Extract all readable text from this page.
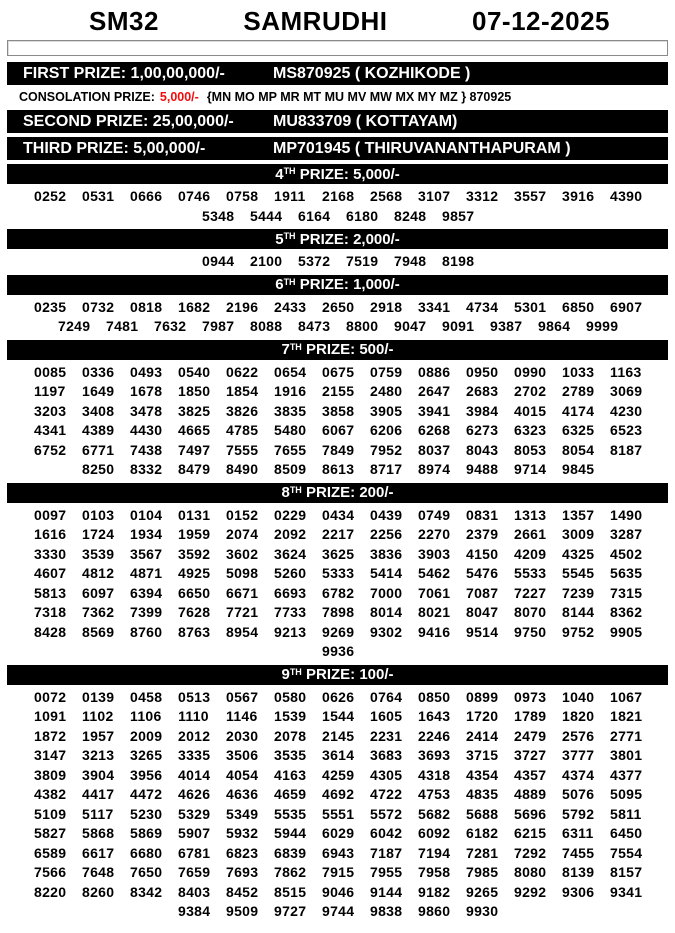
SM32	SAMRUDHI	07-12-2025
FIRST PRIZE: 1,00,00,000/-	MS870925 ( KOZHIKODE )
CONSOLATION PRIZE: 5,000/- {MN MO MP MR MT MU MV MW MX MY MZ } 870925
SECOND PRIZE: 25,00,000/-	MU833709 ( KOTTAYAM)
THIRD PRIZE: 5,00,000/-	MP701945 ( THIRUVANANTHAPURAM )
4 TH PRIZE: 5,000/-
0252 0531 0666 0746 0758 1911 2168 2568 3107 3312 3557 3916 4390
5348 5444 6164 6180 8248 9857
5 TH PRIZE: 2,000/-
0944 2100 5372 7519 7948 8198
6 TH PRIZE: 1,000/-
0235 0732 0818 1682 2196 2433 2650 2918 3341 4734 5301 6850 6907
7249 7481 7632 7987 8088 8473 8800 9047 9091 9387 9864 9999
7 TH PRIZE: 500/-
0085 0336 0493 0540 0622 0654 0675 0759 0886 0950 0990 1033 1163
1197 1649 1678 1850 1854 1916 2155 2480 2647 2683 2702 2789 3069
3203 3408 3478 3825 3826 3835 3858 3905 3941 3984 4015 4174 4230
4341 4389 4430 4665 4785 5480 6067 6206 6268 6273 6323 6325 6523
6752 6771 7438 7497 7555 7655 7849 7952 8037 8043 8053 8054 8187
8250 8332 8479 8490 8509 8613 8717 8974 9488 9714 9845
8 TH PRIZE: 200/-
0097 0103 0104 0131 0152 0229 0434 0439 0749 0831 1313 1357 1490
1616 1724 1934 1959 2074 2092 2217 2256 2270 2379 2661 3009 3287
3330 3539 3567 3592 3602 3624 3625 3836 3903 4150 4209 4325 4502
4607 4812 4871 4925 5098 5260 5333 5414 5462 5476 5533 5545 5635
5813 6097 6394 6650 6671 6693 6782 7000 7061 7087 7227 7239 7315
7318 7362 7399 7628 7721 7733 7898 8014 8021 8047 8070 8144 8362
8428 8569 8760 8763 8954 9213 9269 9302 9416 9514 9750 9752 9905
9936
9 TH PRIZE: 100/-
0072 0139 0458 0513 0567 0580 0626 0764 0850 0899 0973 1040 1067
1091 1102 1106 1110 1146 1539 1544 1605 1643 1720 1789 1820 1821
1872 1957 2009 2012 2030 2078 2145 2231 2246 2414 2479 2576 2771
3147 3213 3265 3335 3506 3535 3614 3683 3693 3715 3727 3777 3801
3809 3904 3956 4014 4054 4163 4259 4305 4318 4354 4357 4374 4377
4382 4417 4472 4626 4636 4659 4692 4722 4753 4835 4889 5076 5095
5109 5117 5230 5329 5349 5535 5551 5572 5682 5688 5696 5792 5811
5827 5868 5869 5907 5932 5944 6029 6042 6092 6182 6215 6311 6450
6589 6617 6680 6781 6823 6839 6943 7187 7194 7281 7292 7455 7554
7566 7648 7650 7659 7693 7862 7915 7955 7958 7985 8080 8139 8157
8220 8260 8342 8403 8452 8515 9046 9144 9182 9265 9292 9306 9341
9384 9509 9727 9744 9838 9860 9930
